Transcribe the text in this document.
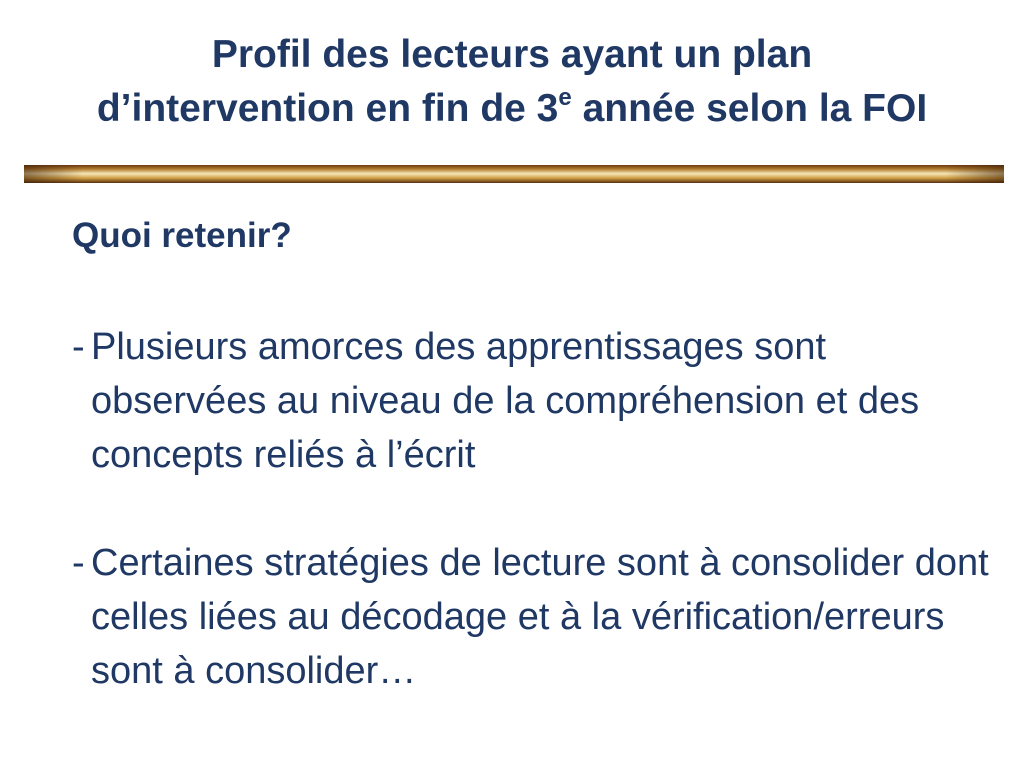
Profil des lecteurs ayant un plan
d’intervention en fin de 3e année selon la FOI
Quoi retenir?
- Plusieurs amorces des apprentissages sont observées au niveau de la compréhension et des concepts reliés à l’écrit
- Certaines stratégies de lecture sont à consolider dont celles liées au décodage et à la vérification/erreurs sont à consolider…
